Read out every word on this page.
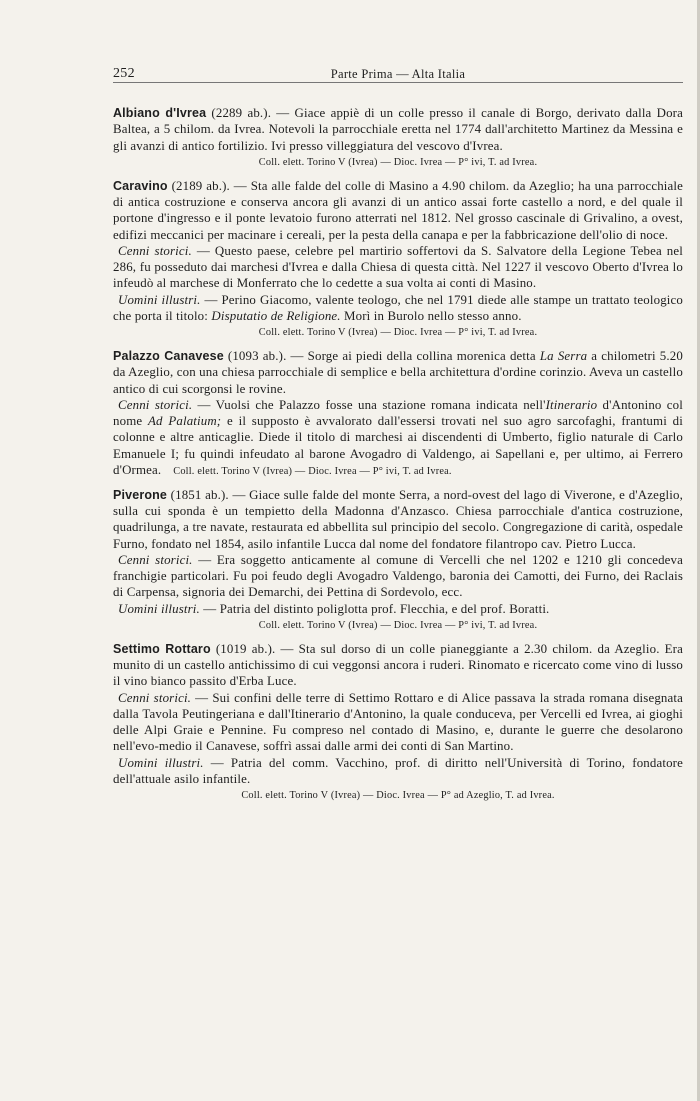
252	Parte Prima — Alta Italia

Albiano d'Ivrea (2289 ab.). — Giace appiè di un colle presso il canale di Borgo, derivato dalla Dora Baltea, a 5 chilom. da Ivrea. Notevoli la parrocchiale eretta nel 1774 dall'architetto Martinez da Messina e gli avanzi di antico fortilizio. Ivi presso villeggiatura del vescovo d'Ivrea.

Coll. elett. Torino V (Ivrea) — Dioc. Ivrea — P° ivi, T. ad Ivrea.

Caravino (2189 ab.). — Sta alle falde del colle di Masino a 4.90 chilom. da Azeglio; ha una parrocchiale di antica costruzione e conserva ancora gli avanzi di un antico assai forte castello a nord, e del quale il portone d'ingresso e il ponte levatoio furono atterrati nel 1812. Nel grosso cascinale di Grivalino, a ovest, edifizi meccanici per macinare i cereali, per la pesta della canapa e per la fabbricazione dell'olio di noce.

Cenni storici. — Questo paese, celebre pel martirio soffertovi da S. Salvatore della Legione Tebea nel 286, fu posseduto dai marchesi d'Ivrea e dalla Chiesa di questa città. Nel 1227 il vescovo Oberto d'Ivrea lo infeudò al marchese di Monferrato che lo cedette a sua volta ai conti di Masino.

Uomini illustri. — Perino Giacomo, valente teologo, che nel 1791 diede alle stampe un trattato teologico che porta il titolo: Disputatio de Religione. Morì in Burolo nello stesso anno.

Coll. elett. Torino V (Ivrea) — Dioc. Ivrea — P° ivi, T. ad Ivrea.

Palazzo Canavese (1093 ab.). — Sorge ai piedi della collina morenica detta La Serra a chilometri 5.20 da Azeglio, con una chiesa parrocchiale di semplice e bella architettura d'ordine corinzio. Aveva un castello antico di cui scorgonsi le rovine.

Cenni storici. — Vuolsi che Palazzo fosse una stazione romana indicata nell'Itinerario d'Antonino col nome Ad Palatium; e il supposto è avvalorato dall'essersi trovati nel suo agro sarcofaghi, frantumi di colonne e altre anticaglie. Diede il titolo di marchesi ai discendenti di Umberto, figlio naturale di Carlo Emanuele I; fu quindi infeudato al barone Avogadro di Valdengo, ai Sapellani e, per ultimo, ai Ferrero d'Ormea. Coll. elett. Torino V (Ivrea) — Dioc. Ivrea — P° ivi, T. ad Ivrea.

Piverone (1851 ab.). — Giace sulle falde del monte Serra, a nord-ovest del lago di Viverone, e d'Azeglio, sulla cui sponda è un tempietto della Madonna d'Anzasco. Chiesa parrocchiale d'antica costruzione, quadrilunga, a tre navate, restaurata ed abbellita sul principio del secolo. Congregazione di carità, ospedale Furno, fondato nel 1854, asilo infantile Lucca dal nome del fondatore filantropo cav. Pietro Lucca.

Cenni storici. — Era soggetto anticamente al comune di Vercelli che nel 1202 e 1210 gli concedeva franchigie particolari. Fu poi feudo degli Avogadro Valdengo, baronia dei Camotti, dei Furno, dei Raclais di Carpensa, signoria dei Demarchi, dei Pettina di Sordevolo, ecc.

Uomini illustri. — Patria del distinto poliglotta prof. Flecchia, e del prof. Boratti.

Coll. elett. Torino V (Ivrea) — Dioc. Ivrea — P° ivi, T. ad Ivrea.

Settimo Rottaro (1019 ab.). — Sta sul dorso di un colle pianeggiante a 2.30 chilom. da Azeglio. Era munito di un castello antichissimo di cui veggonsi ancora i ruderi. Rinomato e ricercato come vino di lusso il vino bianco passito d'Erba Luce.

Cenni storici. — Sui confini delle terre di Settimo Rottaro e di Alice passava la strada romana disegnata dalla Tavola Peutingeriana e dall'Itinerario d'Antonino, la quale conduceva, per Vercelli ed Ivrea, ai gioghi delle Alpi Graie e Pennine. Fu compreso nel contado di Masino, e, durante le guerre che desolarono nell'evo-medio il Canavese, soffrì assai dalle armi dei conti di San Martino.

Uomini illustri. — Patria del comm. Vacchino, prof. di diritto nell'Università di Torino, fondatore dell'attuale asilo infantile.

Coll. elett. Torino V (Ivrea) — Dioc. Ivrea — P° ad Azeglio, T. ad Ivrea.
